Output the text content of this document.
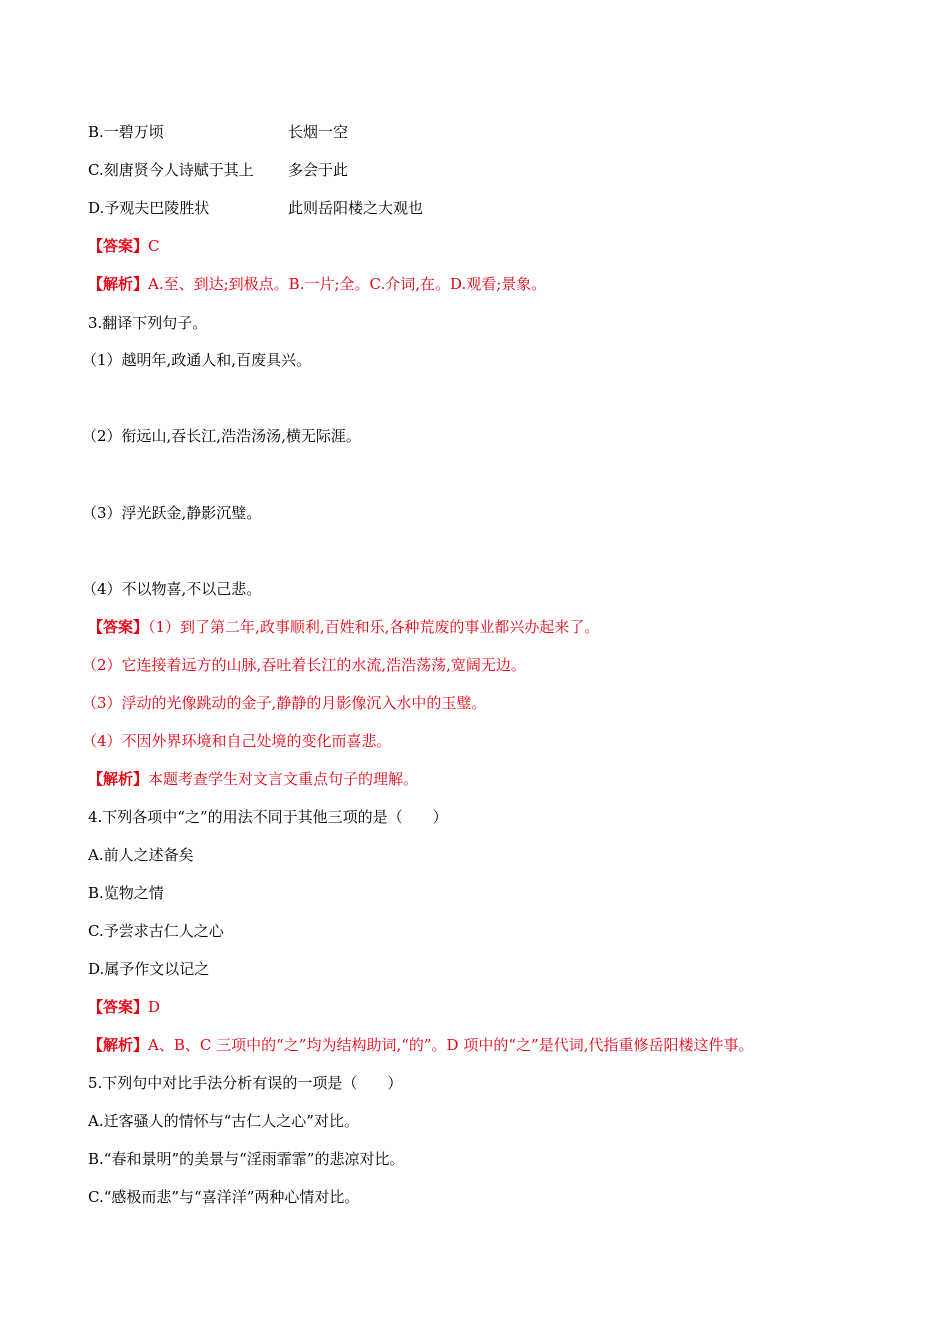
B.一碧万顷	长烟一空
C.刻唐贤今人诗赋于其上 多会于此
D.予观夫巴陵胜状	此则岳阳楼之大观也
【答案】C
【解析】A.至、到达;到极点。B.一片;全。C.介词,在。D.观看;景象。
3.翻译下列句子。
（1）越明年,政通人和,百废具兴。
（2）衔远山,吞长江,浩浩汤汤,横无际涯。
（3）浮光跃金,静影沉璧。
（4）不以物喜,不以己悲。
【答案】（1）到了第二年,政事顺利,百姓和乐,各种荒废的事业都兴办起来了。
（2）它连接着远方的山脉,吞吐着长江的水流,浩浩荡荡,宽阔无边。
（3）浮动的光像跳动的金子,静静的月影像沉入水中的玉璧。
（4）不因外界环境和自己处境的变化而喜悲。
【解析】本题考查学生对文言文重点句子的理解。
4.下列各项中“之”的用法不同于其他三项的是（　　）
A.前人之述备矣
B.览物之情
C.予尝求古仁人之心
D.属予作文以记之
【答案】D
【解析】A、B、C 三项中的“之”均为结构助词,“的”。D 项中的“之”是代词,代指重修岳阳楼这件事。
5.下列句中对比手法分析有误的一项是（　　）
A.迁客骚人的情怀与“古仁人之心”对比。
B.“春和景明”的美景与“淫雨霏霏”的悲凉对比。
C.“感极而悲”与“喜洋洋”两种心情对比。
